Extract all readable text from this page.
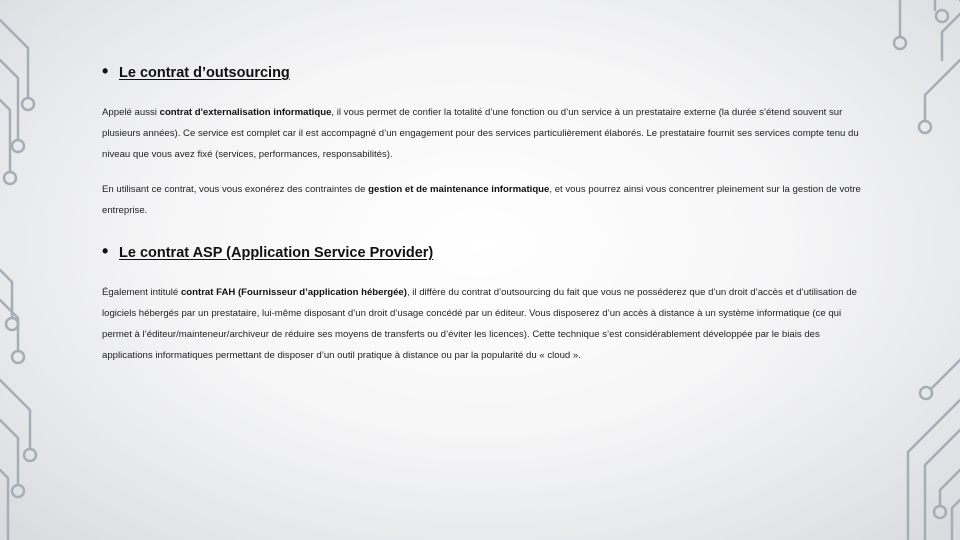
• Le contrat d’outsourcing

Appelé aussi contrat d'externalisation informatique, il vous permet de confier la totalité d’une fonction ou d’un service à un prestataire externe (la durée s’étend souvent sur plusieurs années). Ce service est complet car il est accompagné d’un engagement pour des services particulièrement élaborés. Le prestataire fournit ses services compte tenu du niveau que vous avez fixé (services, performances, responsabilités).

En utilisant ce contrat, vous vous exonérez des contraintes de gestion et de maintenance informatique, et vous pourrez ainsi vous concentrer pleinement sur la gestion de votre entreprise.

• Le contrat ASP (Application Service Provider)

Également intitulé contrat FAH (Fournisseur d’application hébergée), il diffère du contrat d’outsourcing du fait que vous ne posséderez que d’un droit d’accès et d’utilisation de logiciels hébergés par un prestataire, lui-même disposant d’un droit d’usage concédé par un éditeur. Vous disposerez d’un accès à distance à un système informatique (ce qui permet à l’éditeur/mainteneur/archiveur de réduire ses moyens de transferts ou d’éviter les licences). Cette technique s’est considérablement développée par le biais des applications informatiques permettant de disposer d’un outil pratique à distance ou par la popularité du « cloud ».
